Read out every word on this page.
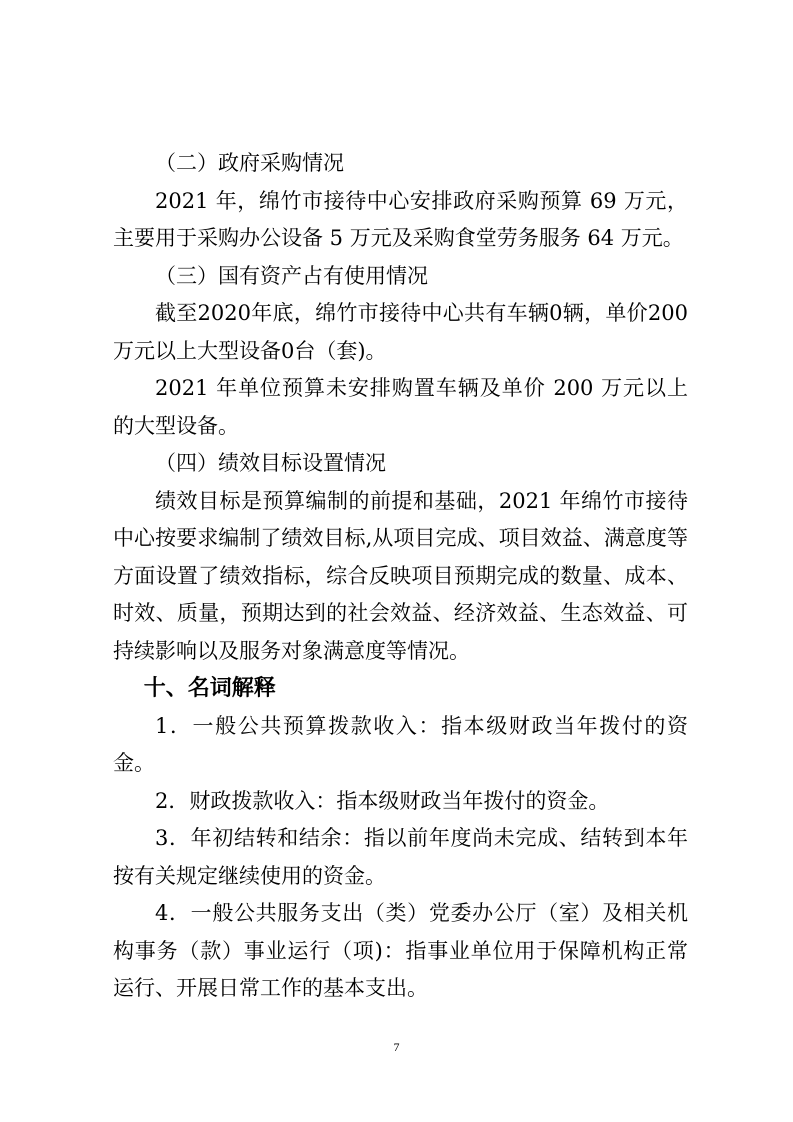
（二）政府采购情况

2021 年，绵竹市接待中心安排政府采购预算 69 万元，主要用于采购办公设备 5 万元及采购食堂劳务服务 64 万元。

（三）国有资产占有使用情况

截至2020年底，绵竹市接待中心共有车辆0辆，单价200万元以上大型设备0台（套)。

2021 年单位预算未安排购置车辆及单价 200 万元以上的大型设备。

（四）绩效目标设置情况

绩效目标是预算编制的前提和基础，2021 年绵竹市接待中心按要求编制了绩效目标,从项目完成、项目效益、满意度等方面设置了绩效指标，综合反映项目预期完成的数量、成本、时效、质量，预期达到的社会效益、经济效益、生态效益、可持续影响以及服务对象满意度等情况。

十、名词解释

1．一般公共预算拨款收入：指本级财政当年拨付的资金。

2．财政拨款收入：指本级财政当年拨付的资金。

3．年初结转和结余：指以前年度尚未完成、结转到本年按有关规定继续使用的资金。

4．一般公共服务支出（类）党委办公厅（室）及相关机构事务（款）事业运行（项)：指事业单位用于保障机构正常运行、开展日常工作的基本支出。

7
